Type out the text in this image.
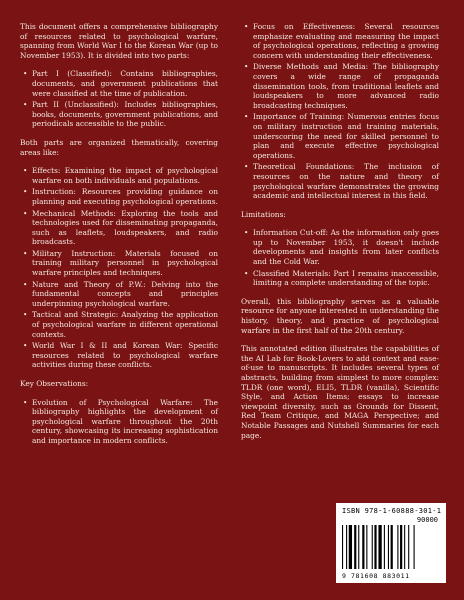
This document offers a comprehensive bibliography of resources related to psychological warfare, spanning from World War I to the Korean War (up to November 1953). It is divided into two parts:

• Part I (Classified): Contains bibliographies, documents, and government publications that were classified at the time of publication.
• Part II (Unclassified): Includes bibliographies, books, documents, government publications, and periodicals accessible to the public.

Both parts are organized thematically, covering areas like:

• Effects: Examining the impact of psychological warfare on both individuals and populations.
• Instruction: Resources providing guidance on planning and executing psychological operations.
• Mechanical Methods: Exploring the tools and technologies used for disseminating propaganda, such as leaflets, loudspeakers, and radio broadcasts.
• Military Instruction: Materials focused on training military personnel in psychological warfare principles and techniques.
• Nature and Theory of P.W.: Delving into the fundamental concepts and principles underpinning psychological warfare.
• Tactical and Strategic: Analyzing the application of psychological warfare in different operational contexts.
• World War I & II and Korean War: Specific resources related to psychological warfare activities during these conflicts.

Key Observations:

• Evolution of Psychological Warfare: The bibliography highlights the development of psychological warfare throughout the 20th century, showcasing its increasing sophistication and importance in modern conflicts.
• Focus on Effectiveness: Several resources emphasize evaluating and measuring the impact of psychological operations, reflecting a growing concern with understanding their effectiveness.
• Diverse Methods and Media: The bibliography covers a wide range of propaganda dissemination tools, from traditional leaflets and loudspeakers to more advanced radio broadcasting techniques.
• Importance of Training: Numerous entries focus on military instruction and training materials, underscoring the need for skilled personnel to plan and execute effective psychological operations.
• Theoretical Foundations: The inclusion of resources on the nature and theory of psychological warfare demonstrates the growing academic and intellectual interest in this field.

Limitations:

• Information Cut-off: As the information only goes up to November 1953, it doesn't include developments and insights from later conflicts and the Cold War.
• Classified Materials: Part I remains inaccessible, limiting a complete understanding of the topic.

Overall, this bibliography serves as a valuable resource for anyone interested in understanding the history, theory, and practice of psychological warfare in the first half of the 20th century.

This annotated edition illustrates the capabilities of the AI Lab for Book-Lovers to add context and ease-of-use to manuscripts. It includes several types of abstracts, building from simplest to more complex: TLDR (one word), ELI5, TLDR (vanilla), Scientific Style, and Action Items; essays to increase viewpoint diversity, such as Grounds for Dissent, Red Team Critique, and MAGA Perspective; and Notable Passages and Nutshell Summaries for each page.

ISBN 978-1-60888-301-1
90000
9 781608 883011
